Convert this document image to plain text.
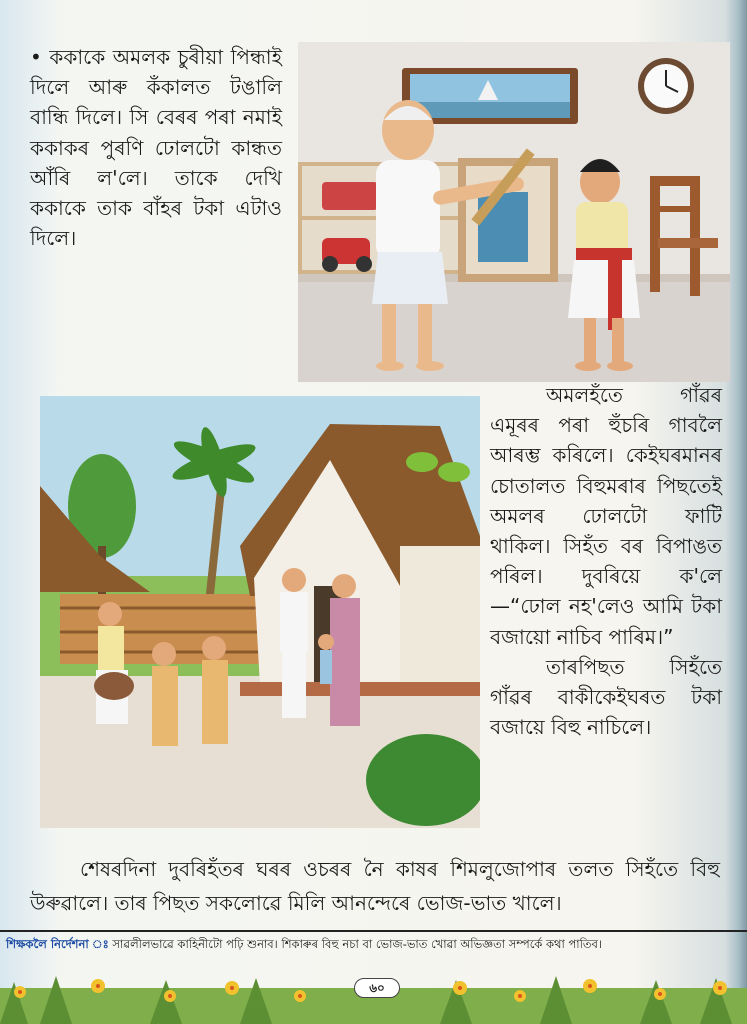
• ককাকে অমলক চুৰীয়া পিন্ধাই দিলে আৰু কঁকালত টঙালি বান্ধি দিলে। সি বেৰৰ পৰা নমাই ককাকৰ পুৰণি ঢোলটো কান্ধত আঁৰি ল'লে। তাকে দেখি ককাকে তাক বাঁহৰ টকা এটাও দিলে।

অমলহঁতে গাঁৱৰ এমূৰৰ পৰা হুঁচৰি গাবলৈ আৰম্ভ কৰিলে। কেইঘৰমানৰ চোতালত বিহুমৰাৰ পিছতেই অমলৰ ঢোলটো ফাটি থাকিল। সিহঁত বৰ বিপাঙত পৰিল। দুবৰিয়ে ক'লে—“ঢোল নহ'লেও আমি টকা বজায়ো নাচিব পাৰিম।”
তাৰপিছত সিহঁতে গাঁৱৰ বাকীকেইঘৰত টকা বজায়ে বিহু নাচিলে।

শেষৰদিনা দুবৰিহঁতৰ ঘৰৰ ওচৰৰ নৈ কাষৰ শিমলুজোপাৰ তলত সিহঁতে বিহু উৰুৱালে। তাৰ পিছত সকলোৱে মিলি আনন্দেৰে ভোজ-ভাত খালে।

শিক্ষকলৈ নিৰ্দেশনা ঃ সাৱলীলভাৱে কাহিনীটো পঢ়ি শুনাব। শিকাৰুৰ বিহু নচা বা ভোজ-ভাত খোৱা অভিজ্ঞতা সম্পৰ্কে কথা পাতিব।
৬০
